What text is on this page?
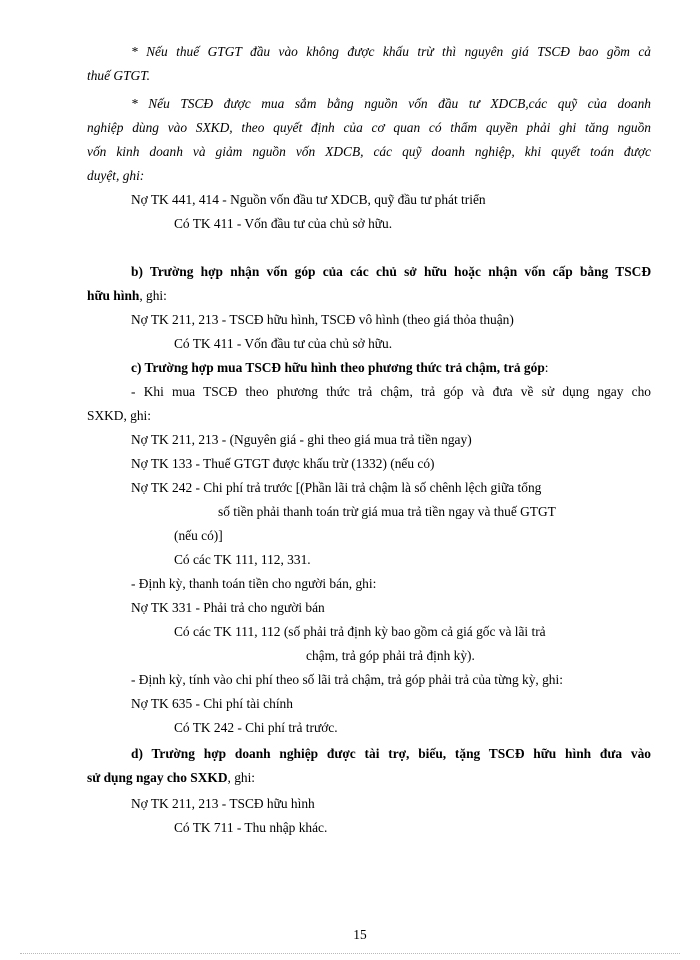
* Nếu thuế GTGT đầu vào không được khấu trừ thì nguyên giá TSCĐ bao gồm cả
thuế GTGT.
* Nếu TSCĐ được mua sắm bằng nguồn vốn đầu tư XDCB,các quỹ của doanh
nghiệp dùng vào SXKD, theo quyết định của cơ quan có thẩm quyền phải ghi tăng nguồn
vốn kinh doanh và giảm nguồn vốn XDCB, các quỹ doanh nghiệp, khi quyết toán được
duyệt, ghi:
Nợ TK 441, 414 - Nguồn vốn đầu tư XDCB, quỹ đầu tư phát triển
Có TK 411 - Vốn đầu tư của chủ sở hữu.
b) Trường hợp nhận vốn góp của các chủ sở hữu hoặc nhận vốn cấp bằng TSCĐ
hữu hình, ghi:
Nợ TK 211, 213 - TSCĐ hữu hình, TSCĐ vô hình (theo giá thỏa thuận)
Có TK 411 - Vốn đầu tư của chủ sở hữu.
c) Trường hợp mua TSCĐ hữu hình theo phương thức trả chậm, trả góp:
- Khi mua TSCĐ theo phương thức trả chậm, trả góp và đưa về sử dụng ngay cho
SXKD, ghi:
Nợ TK 211, 213 - (Nguyên giá - ghi theo giá mua trả tiền ngay)
Nợ TK 133 - Thuế GTGT được khấu trừ (1332) (nếu có)
Nợ TK 242 - Chi phí trả trước [(Phần lãi trả chậm là số chênh lệch giữa tổng
số tiền phải thanh toán trừ giá mua trả tiền ngay và thuế GTGT
(nếu có)]
Có các TK 111, 112, 331.
- Định kỳ, thanh toán tiền cho người bán, ghi:
Nợ TK 331 - Phải trả cho người bán
Có các TK 111, 112 (số phải trả định kỳ bao gồm cả giá gốc và lãi trả
chậm, trả góp phải trả định kỳ).
- Định kỳ, tính vào chi phí theo số lãi trả chậm, trả góp phải trả của từng kỳ, ghi:
Nợ TK 635 - Chi phí tài chính
Có TK 242 - Chi phí trả trước.
d) Trường hợp doanh nghiệp được tài trợ, biếu, tặng TSCĐ hữu hình đưa vào
sử dụng ngay cho SXKD, ghi:
Nợ TK 211, 213 - TSCĐ hữu hình
Có TK 711 - Thu nhập khác.
15
